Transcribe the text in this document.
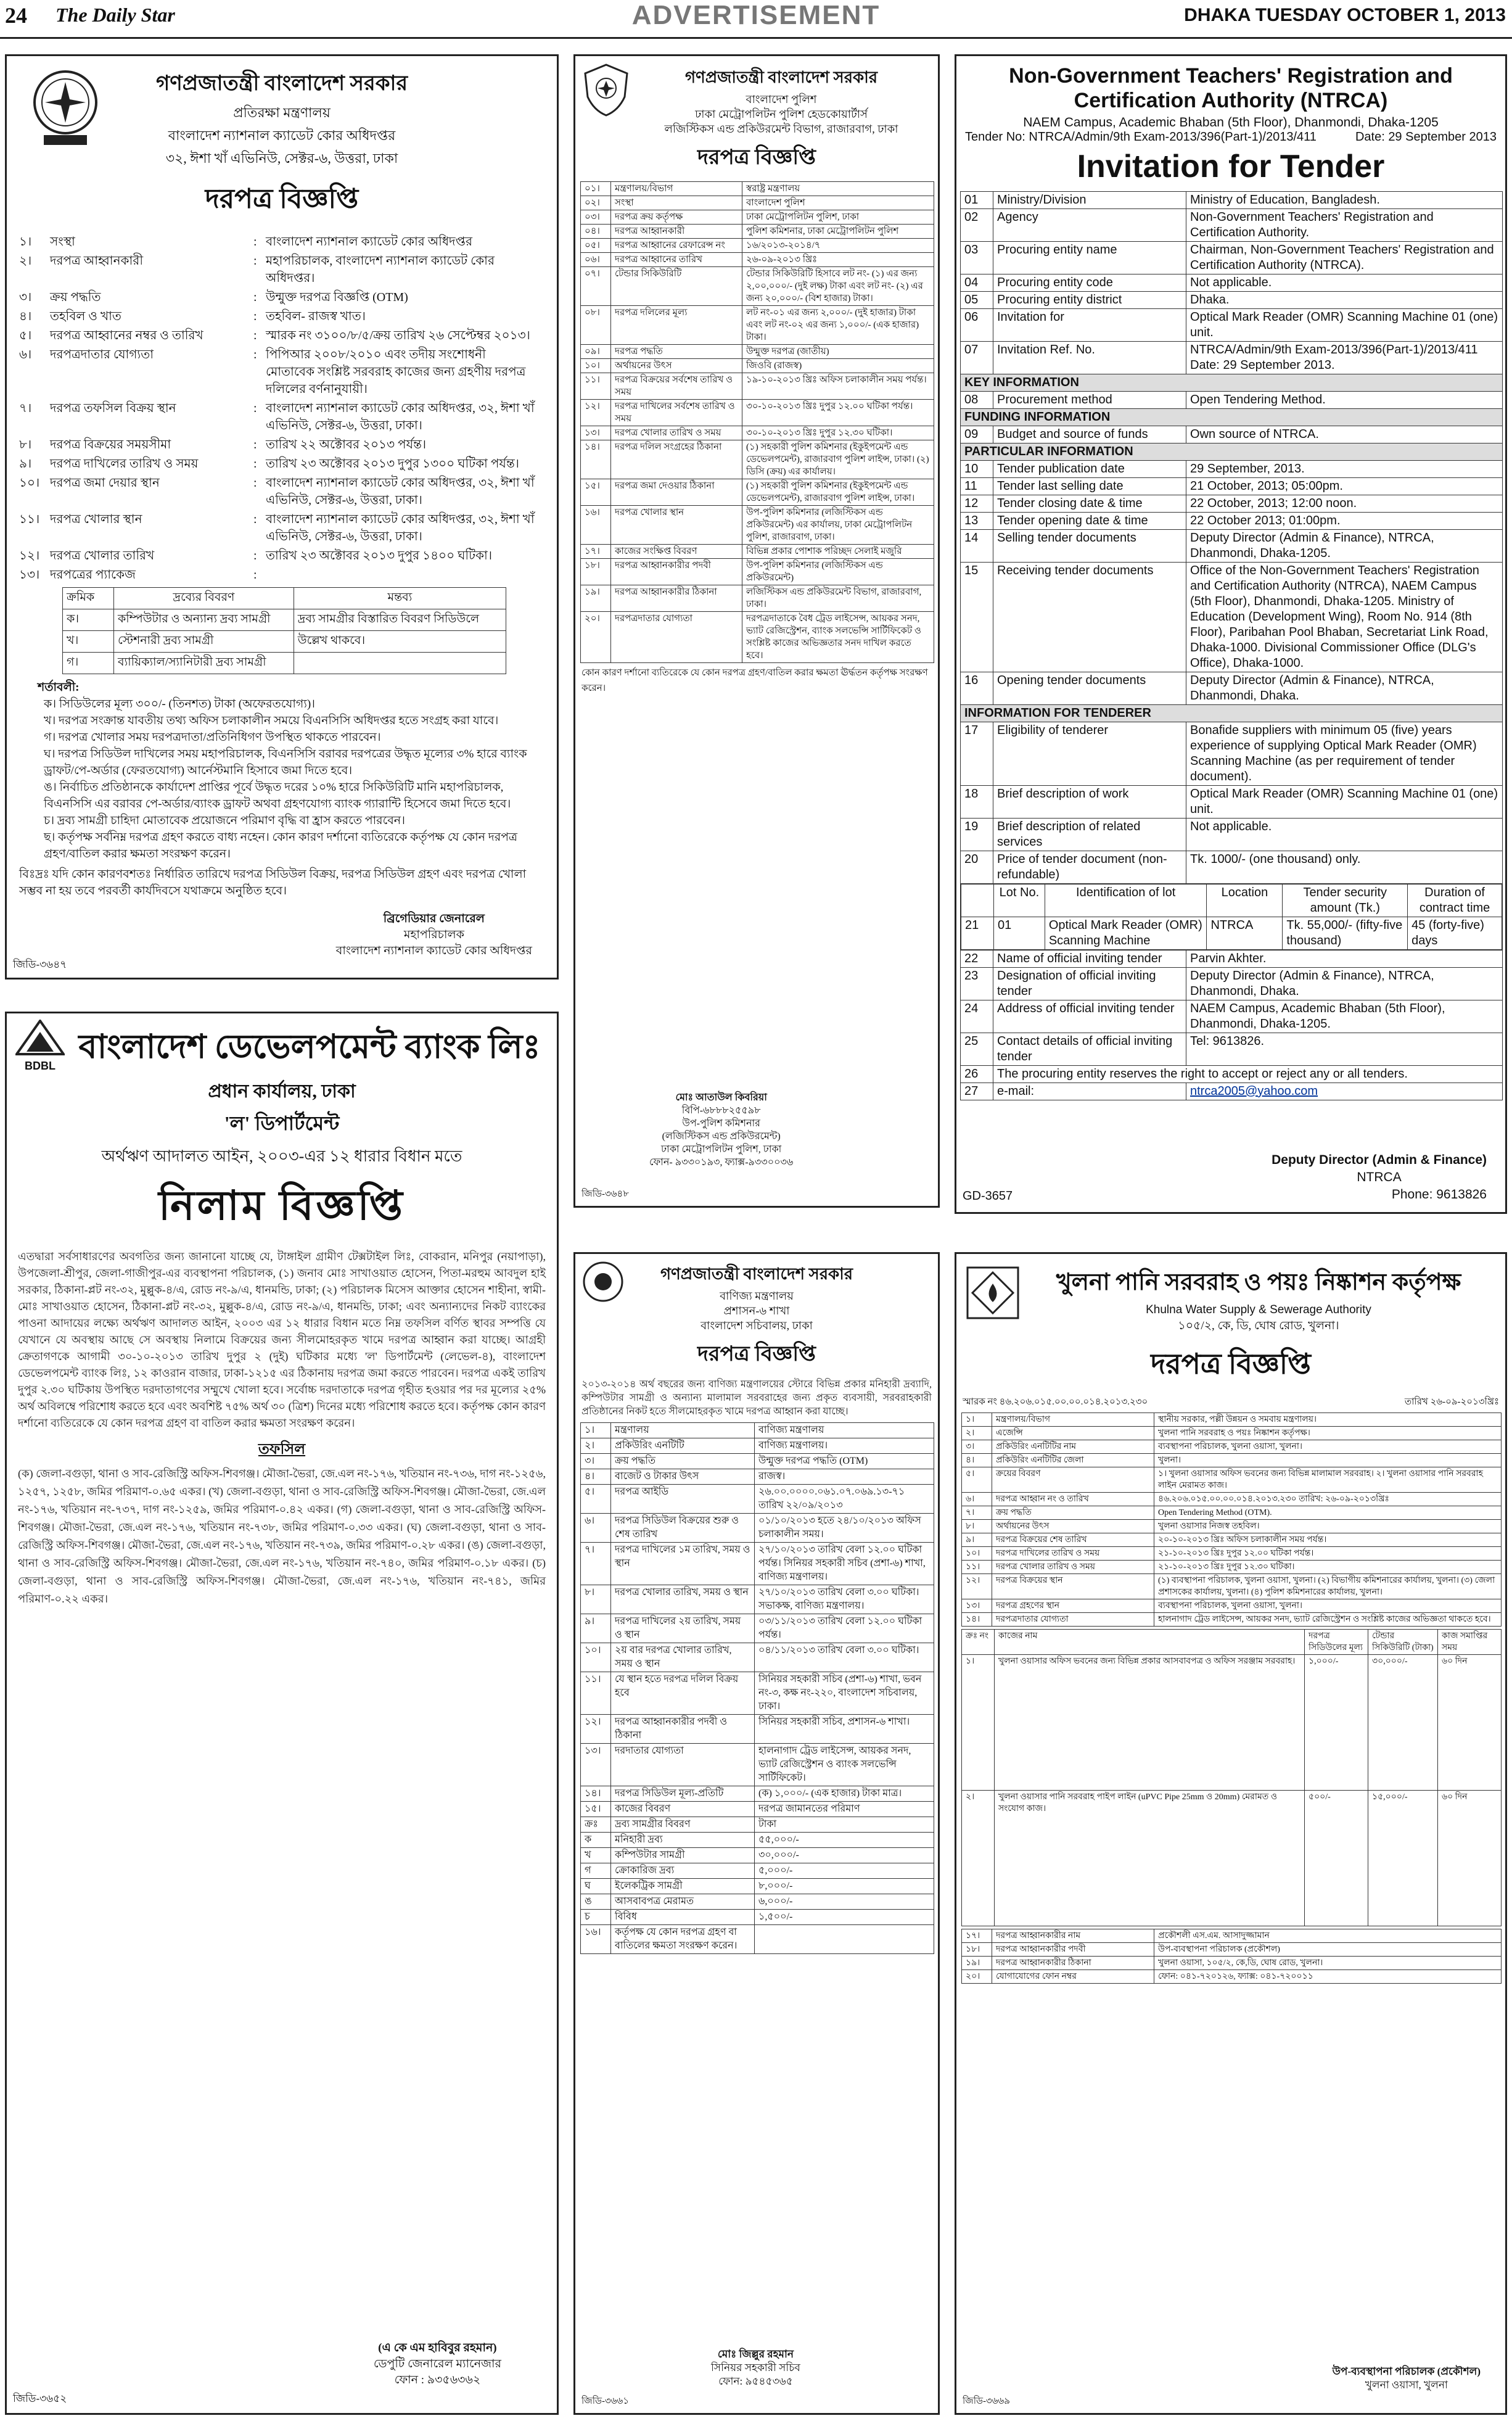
24 The Daily Star	ADVERTISEMENT	DHAKA TUESDAY OCTOBER 1, 2013
গণপ্রজাতন্ত্রী বাংলাদেশ সরকার
প্রতিরক্ষা মন্ত্রণালয়
বাংলাদেশ ন্যাশনাল ক্যাডেট কোর অধিদপ্তর
৩২, ঈশা খাঁ এভিনিউ, সেক্টর-৬, উত্তরা, ঢাকা
দরপত্র বিজ্ঞপ্তি
১।	সংস্থা	: বাংলাদেশ ন্যাশনাল ক্যাডেট কোর অধিদপ্তর
২।	দরপত্র আহ্বানকারী	: মহাপরিচালক, বাংলাদেশ ন্যাশনাল ক্যাডেট কোর অধিদপ্তর।
৩।	ক্রয় পদ্ধতি	: উন্মুক্ত দরপত্র বিজ্ঞপ্তি (OTM)
৪।	তহবিল ও খাত	: তহবিল- রাজস্ব খাত।
৫।	দরপত্র আহ্বানের নম্বর ও তারিখ	: স্মারক নং ৩১০০/৮/৫/ক্রয় তারিখ ২৬ সেপ্টেম্বর ২০১৩।
৬।	দরপত্রদাতার যোগ্যতা	: পিপিআর ২০০৮/২০১০ এবং তদীয় সংশোধনী মোতাবেক সংশ্লিষ্ট সরবরাহ কাজের জন্য গ্রহণীয় দরপত্র দলিলের বর্ণনানুযায়ী।
৭।	দরপত্র তফসিল বিক্রয় স্থান	: বাংলাদেশ ন্যাশনাল ক্যাডেট কোর অধিদপ্তর, ৩২, ঈশা খাঁ এভিনিউ, সেক্টর-৬, উত্তরা, ঢাকা।
৮।	দরপত্র বিক্রয়ের সময়সীমা	: তারিখ ২২ অক্টোবর ২০১৩ পর্যন্ত।
৯।	দরপত্র দাখিলের তারিখ ও সময়	: তারিখ ২৩ অক্টোবর ২০১৩ দুপুর ১৩০০ ঘটিকা পর্যন্ত।
১০। দরপত্র জমা দেয়ার স্থান	: বাংলাদেশ ন্যাশনাল ক্যাডেট কোর অধিদপ্তর, ৩২, ঈশা খাঁ এভিনিউ, সেক্টর-৬, উত্তরা, ঢাকা।
১১। দরপত্র খোলার স্থান	: বাংলাদেশ ন্যাশনাল ক্যাডেট কোর অধিদপ্তর, ৩২, ঈশা খাঁ এভিনিউ, সেক্টর-৬, উত্তরা, ঢাকা।
১২। দরপত্র খোলার তারিখ	: তারিখ ২৩ অক্টোবর ২০১৩ দুপুর ১৪০০ ঘটিকা।
১৩। দরপত্রের প্যাকেজ	:
ক্রমিক	দ্রব্যের বিবরণ	মন্তব্য
ক।	কম্পিউটার ও অন্যান্য দ্রব্য সামগ্রী	দ্রব্য সামগ্রীর বিস্তারিত বিবরণ সিডিউলে
খ।	স্টেশনারী দ্রব্য সামগ্রী	উল্লেখ থাকবে।
গ।	ব্যায়িক্যাল/স্যানিটারী দ্রব্য সামগ্রী	
শর্তাবলী:
ক। সিডিউলের মূল্য ৩০০/- (তিনশত) টাকা (অফেরতযোগ্য)।
খ। দরপত্র সংক্রান্ত যাবতীয় তথ্য অফিস চলাকালীন সময়ে বিএনসিসি অধিদপ্তর হতে সংগ্রহ করা যাবে।
গ। দরপত্র খোলার সময় দরপত্রদাতা/প্রতিনিধিগণ উপস্থিত থাকতে পারবেন।
ঘ। দরপত্র সিডিউল দাখিলের সময় মহাপরিচালক, বিএনসিসি বরাবর দরপত্রের উদ্ধৃত মূল্যের ৩% হারে ব্যাংক ড্রাফট/পে-অর্ডার (ফেরতযোগ্য) আর্নেস্টমানি হিসাবে জমা দিতে হবে।
ঙ। নির্বাচিত প্রতিষ্ঠানকে কার্যাদেশ প্রাপ্তির পূর্বে উদ্ধৃত দরের ১০% হারে সিকিউরিটি মানি মহাপরিচালক, বিএনসিসি এর বরাবর পে-অর্ডার/ব্যাংক ড্রাফট অথবা গ্রহণযোগ্য ব্যাংক গ্যারান্টি হিসেবে জমা দিতে হবে।
চ। দ্রব্য সামগ্রী চাহিদা মোতাবেক প্রয়োজনে পরিমাণ বৃদ্ধি বা হ্রাস করতে পারবেন।
ছ। কর্তৃপক্ষ সর্বনিম্ন দরপত্র গ্রহণ করতে বাধ্য নহেন। কোন কারণ দর্শানো ব্যতিরেকে কর্তৃপক্ষ যে কোন দরপত্র গ্রহণ/বাতিল করার ক্ষমতা সংরক্ষণ করেন।
বিঃদ্রঃ যদি কোন কারণবশতঃ নির্ধারিত তারিখে দরপত্র সিডিউল বিক্রয়, দরপত্র সিডিউল গ্রহণ এবং দরপত্র খোলা সম্ভব না হয় তবে পরবর্তী কার্যদিবসে যথাক্রমে অনুষ্ঠিত হবে।
ব্রিগেডিয়ার জেনারেল
মহাপরিচালক
বাংলাদেশ ন্যাশনাল ক্যাডেট কোর অধিদপ্তর
জিডি-৩৬৪৭
গণপ্রজাতন্ত্রী বাংলাদেশ সরকার
বাংলাদেশ পুলিশ
ঢাকা মেট্রোপলিটন পুলিশ হেডকোয়ার্টার্স
লজিস্টিকস এন্ড প্রকিউরমেন্ট বিভাগ, রাজারবাগ, ঢাকা
দরপত্র বিজ্ঞপ্তি
০১।	মন্ত্রণালয়/বিভাগ	স্বরাষ্ট্র মন্ত্রণালয়
০২।	সংস্থা	বাংলাদেশ পুলিশ
০৩।	দরপত্র ক্রয় কর্তৃপক্ষ	ঢাকা মেট্রোপলিটন পুলিশ, ঢাকা
০৪।	দরপত্র আহ্বানকারী	পুলিশ কমিশনার, ঢাকা মেট্রোপলিটন পুলিশ
০৫।	দরপত্র আহ্বানের রেফারেন্স নং	১৬/২০১৩-২০১৪/৭
০৬।	দরপত্র আহ্বানের তারিখ	২৬-০৯-২০১৩ খ্রিঃ
০৭।	টেন্ডার সিকিউরিটি	টেন্ডার সিকিউরিটি হিসাবে লট নং- (১) এর জন্য ২,০০,০০০/- (দুই লক্ষ) টাকা এবং লট নং- (২) এর জন্য ২০,০০০/- (বিশ হাজার) টাকা।
০৮।	দরপত্র দলিলের মূল্য	লট নং-০১ এর জন্য ২,০০০/- (দুই হাজার) টাকা এবং লট নং-০২ এর জন্য ১,০০০/- (এক হাজার) টাকা।
০৯।	দরপত্র পদ্ধতি	উন্মুক্ত দরপত্র (জাতীয়)
১০।	অর্থায়নের উৎস	জিওবি (রাজস্ব)
১১।	দরপত্র বিক্রয়ের সর্বশেষ তারিখ ও সময়	১৯-১০-২০১৩ খ্রিঃ অফিস চলাকালীন সময় পর্যন্ত।
১২।	দরপত্র দাখিলের সর্বশেষ তারিখ ও সময়	৩০-১০-২০১৩ খ্রিঃ দুপুর ১২.০০ ঘটিকা পর্যন্ত।
১৩।	দরপত্র খোলার তারিখ ও সময়	৩০-১০-২০১৩ খ্রিঃ দুপুর ১২.৩০ ঘটিকা।
১৪।	দরপত্র দলিল সংগ্রহের ঠিকানা	(১) সহকারী পুলিশ কমিশনার (ইকুইপমেন্ট এন্ড ডেভেলপমেন্ট), রাজারবাগ পুলিশ লাইন্স, ঢাকা। (২) ডিসি (ক্রয়) এর কার্যালয়।
১৫।	দরপত্র জমা দেওয়ার ঠিকানা	(১) সহকারী পুলিশ কমিশনার (ইকুইপমেন্ট এন্ড ডেভেলপমেন্ট), রাজারবাগ পুলিশ লাইন্স, ঢাকা।
১৬।	দরপত্র খোলার স্থান	উপ-পুলিশ কমিশনার (লজিস্টিকস এন্ড প্রকিউরমেন্ট) এর কার্যালয়, ঢাকা মেট্রোপলিটন পুলিশ, রাজারবাগ, ঢাকা।
১৭।	কাজের সংক্ষিপ্ত বিবরণ	বিভিন্ন প্রকার পোশাক পরিচ্ছদ সেলাই মজুরি
১৮।	দরপত্র আহ্বানকারীর পদবী	উপ-পুলিশ কমিশনার (লজিস্টিকস এন্ড প্রকিউরমেন্ট)
১৯।	দরপত্র আহ্বানকারীর ঠিকানা	লজিস্টিকস এন্ড প্রকিউরমেন্ট বিভাগ, রাজারবাগ, ঢাকা।
২০।	দরপত্রদাতার যোগ্যতা	দরপত্রদাতাকে বৈধ ট্রেড লাইসেন্স, আয়কর সনদ, ভ্যাট রেজিস্ট্রেশন, ব্যাংক সলভেন্সি সার্টিফিকেট ও সংশ্লিষ্ট কাজের অভিজ্ঞতার সনদ দাখিল করতে হবে।
কোন কারণ দর্শানো ব্যতিরেকে যে কোন দরপত্র গ্রহণ/বাতিল করার ক্ষমতা ঊর্দ্ধতন কর্তৃপক্ষ সংরক্ষণ করেন।
মোঃ আতাউল কিবরিয়া
বিপি-৬৮৮৮২৫৫৯৮
উপ-পুলিশ কমিশনার
(লজিস্টিকস এন্ড প্রকিউরমেন্ট)
ঢাকা মেট্রোপলিটন পুলিশ, ঢাকা
ফোন- ৯৩৩০১৯৩, ফ্যাক্স-৯৩৩০০৩৬
জিডি-৩৬৪৮
Non-Government Teachers' Registration and Certification Authority (NTRCA)
NAEM Campus, Academic Bhaban (5th Floor), Dhanmondi, Dhaka-1205
Tender No: NTRCA/Admin/9th Exam-2013/396(Part-1)/2013/411	Date: 29 September 2013
Invitation for Tender
01	Ministry/Division	Ministry of Education, Bangladesh.
02	Agency	Non-Government Teachers' Registration and Certification Authority.
03	Procuring entity name	Chairman, Non-Government Teachers' Registration and Certification Authority (NTRCA).
04	Procuring entity code	Not applicable.
05	Procuring entity district	Dhaka.
06	Invitation for	Optical Mark Reader (OMR) Scanning Machine 01 (one) unit.
07	Invitation Ref. No.	NTRCA/Admin/9th Exam-2013/396(Part-1)/2013/411 Date: 29 September 2013.
KEY INFORMATION
08	Procurement method	Open Tendering Method.
FUNDING INFORMATION
09	Budget and source of funds	Own source of NTRCA.
PARTICULAR INFORMATION
10	Tender publication date	29 September, 2013.
11	Tender last selling date	21 October, 2013; 05:00pm.
12	Tender closing date & time	22 October, 2013; 12:00 noon.
13	Tender opening date & time	22 October 2013; 01:00pm.
14	Selling tender documents	Deputy Director (Admin & Finance), NTRCA, Dhanmondi, Dhaka-1205.
15	Receiving tender documents	Office of the Non-Government Teachers' Registration and Certification Authority (NTRCA), NAEM Campus (5th Floor), Dhanmondi, Dhaka-1205. Ministry of Education (Development Wing), Room No. 914 (8th Floor), Paribahan Pool Bhaban, Secretariat Link Road, Dhaka-1000. Divisional Commissioner Office (DLG's Office), Dhaka-1000.
16	Opening tender documents	Deputy Director (Admin & Finance), NTRCA, Dhanmondi, Dhaka.
INFORMATION FOR TENDERER
17	Eligibility of tenderer	Bonafide suppliers with minimum 05 (five) years experience of supplying Optical Mark Reader (OMR) Scanning Machine (as per requirement of tender document).
18	Brief description of work	Optical Mark Reader (OMR) Scanning Machine 01 (one) unit.
19	Brief description of related services	Not applicable.
20	Price of tender document (non-refundable)	Tk. 1000/- (one thousand) only.

	Lot No.	Identification of lot	Location	Tender security amount (Tk.)	Duration of contract time
21	01	Optical Mark Reader (OMR) Scanning Machine	NTRCA	Tk. 55,000/- (fifty-five thousand)	45 (forty-five) days

22	Name of official inviting tender	Parvin Akhter.
23	Designation of official inviting tender	Deputy Director (Admin & Finance), NTRCA, Dhanmondi, Dhaka.
24	Address of official inviting tender	NAEM Campus, Academic Bhaban (5th Floor), Dhanmondi, Dhaka-1205.
25	Contact details of official inviting tender	Tel: 9613826.
26	The procuring entity reserves the right to accept or reject any or all tenders.
27	e-mail:	ntrca2005@yahoo.com
Deputy Director (Admin & Finance)
NTRCA
Phone: 9613826
GD-3657
BDBL
বাংলাদেশ ডেভেলপমেন্ট ব্যাংক লিঃ
প্রধান কার্যালয়, ঢাকা
'ল' ডিপার্টমেন্ট
অর্থঋণ আদালত আইন, ২০০৩-এর ১২ ধারার বিধান মতে
নিলাম বিজ্ঞপ্তি
এতদ্বারা সর্বসাধারণের অবগতির জন্য জানানো যাচ্ছে যে, টাঙ্গাইল গ্রামীণ টেক্সটাইল লিঃ, বোকরান, মনিপুর (নয়াপাড়া), উপজেলা-শ্রীপুর, জেলা-গাজীপুর-এর ব্যবস্থাপনা পরিচালক, (১) জনাব মোঃ সাখাওয়াত হোসেন, পিতা-মরহুম আবদুল হাই সরকার, ঠিকানা-প্লট নং-৩২, মুল্লুক-৪/এ, রোড নং-৯/এ, ধানমন্ডি, ঢাকা; (২) পরিচালক মিসেস আক্তার হোসেন শাহীনা, স্বামী-মোঃ সাখাওয়াত হোসেন, ঠিকানা-প্লট নং-৩২, মুল্লুক-৪/এ, রোড নং-৯/এ, ধানমন্ডি, ঢাকা; এবং অন্যান্যদের নিকট ব্যাংকের পাওনা আদায়ের লক্ষ্যে অর্থঋণ আদালত আইন, ২০০৩ এর ১২ ধারার বিধান মতে নিম্ন তফসিল বর্ণিত স্থাবর সম্পত্তি যে যেখানে যে অবস্থায় আছে সে অবস্থায় নিলামে বিক্রয়ের জন্য সীলমোহরকৃত খামে দরপত্র আহ্বান করা যাচ্ছে। আগ্রহী ক্রেতাগণকে আগামী ৩০-১০-২০১৩ তারিখ দুপুর ২ (দুই) ঘটিকার মধ্যে 'ল' ডিপার্টমেন্ট (লেভেল-৪), বাংলাদেশ ডেভেলপমেন্ট ব্যাংক লিঃ, ১২ কাওরান বাজার, ঢাকা-১২১৫ এর ঠিকানায় দরপত্র জমা করতে পারবেন। দরপত্র একই তারিখ দুপুর ২.৩০ ঘটিকায় উপস্থিত দরদাতাগণের সম্মুখে খোলা হবে। সর্বোচ্চ দরদাতাকে দরপত্র গৃহীত হওয়ার পর দর মূল্যের ২৫% অর্থ অবিলম্বে পরিশোধ করতে হবে এবং অবশিষ্ট ৭৫% অর্থ ৩০ (ত্রিশ) দিনের মধ্যে পরিশোধ করতে হবে। কর্তৃপক্ষ কোন কারণ দর্শানো ব্যতিরেকে যে কোন দরপত্র গ্রহণ বা বাতিল করার ক্ষমতা সংরক্ষণ করেন।
তফসিল
(ক) জেলা-বগুড়া, থানা ও সাব-রেজিস্ট্রি অফিস-শিবগঞ্জ। মৌজা-ভৈরা, জে.এল নং-১৭৬, খতিয়ান নং-৭৩৬, দাগ নং-১২৫৬, ১২৫৭, ১২৫৮, জমির পরিমাণ-০.৬৫ একর। (খ) জেলা-বগুড়া, থানা ও সাব-রেজিস্ট্রি অফিস-শিবগঞ্জ। মৌজা-ভৈরা, জে.এল নং-১৭৬, খতিয়ান নং-৭৩৭, দাগ নং-১২৫৯, জমির পরিমাণ-০.৪২ একর। (গ) জেলা-বগুড়া, থানা ও সাব-রেজিস্ট্রি অফিস-শিবগঞ্জ। মৌজা-ভৈরা, জে.এল নং-১৭৬, খতিয়ান নং-৭৩৮, জমির পরিমাণ-০.৩৩ একর। (ঘ) জেলা-বগুড়া, থানা ও সাব-রেজিস্ট্রি অফিস-শিবগঞ্জ। মৌজা-ভৈরা, জে.এল নং-১৭৬, খতিয়ান নং-৭৩৯, জমির পরিমাণ-০.২৮ একর। (ঙ) জেলা-বগুড়া, থানা ও সাব-রেজিস্ট্রি অফিস-শিবগঞ্জ। মৌজা-ভৈরা, জে.এল নং-১৭৬, খতিয়ান নং-৭৪০, জমির পরিমাণ-০.১৮ একর। (চ) জেলা-বগুড়া, থানা ও সাব-রেজিস্ট্রি অফিস-শিবগঞ্জ। মৌজা-ভৈরা, জে.এল নং-১৭৬, খতিয়ান নং-৭৪১, জমির পরিমাণ-০.২২ একর।
(এ কে এম হাবিবুর রহমান)
ডেপুটি জেনারেল ম্যানেজার
ফোন : ৯৩৫৬৩৬২
জিডি-৩৬৫২
গণপ্রজাতন্ত্রী বাংলাদেশ সরকার
বাণিজ্য মন্ত্রণালয়
প্রশাসন-৬ শাখা
বাংলাদেশ সচিবালয়, ঢাকা
দরপত্র বিজ্ঞপ্তি
২০১৩-২০১৪ অর্থ বছরের জন্য বাণিজ্য মন্ত্রণালয়ের স্টোরে বিভিন্ন প্রকার মনিহারী দ্রব্যাদি, কম্পিউটার সামগ্রী ও অন্যান্য মালামাল সরবরাহের জন্য প্রকৃত ব্যবসায়ী, সরবরাহকারী প্রতিষ্ঠানের নিকট হতে সীলমোহরকৃত খামে দরপত্র আহ্বান করা যাচ্ছে।
১।	মন্ত্রণালয়	বাণিজ্য মন্ত্রণালয়
২।	প্রকিউরিং এনটিটি	বাণিজ্য মন্ত্রণালয়।
৩।	ক্রয় পদ্ধতি	উন্মুক্ত দরপত্র পদ্ধতি (OTM)
৪।	বাজেট ও টাকার উৎস	রাজস্ব।
৫।	দরপত্র আইডি	২৬.০০.০০০০.০৬১.০৭.০৬৯.১৩-৭১ তারিখ ২২/০৯/২০১৩
৬।	দরপত্র সিডিউল বিক্রয়ের শুরু ও শেষ তারিখ	০১/১০/২০১৩ হতে ২৪/১০/২০১৩ অফিস চলাকালীন সময়।
৭।	দরপত্র দাখিলের ১ম তারিখ, সময় ও স্থান	২৭/১০/২০১৩ তারিখ বেলা ১২.০০ ঘটিকা পর্যন্ত। সিনিয়র সহকারী সচিব (প্রশা-৬) শাখা, বাণিজ্য মন্ত্রণালয়।
৮।	দরপত্র খোলার তারিখ, সময় ও স্থান	২৭/১০/২০১৩ তারিখ বেলা ৩.০০ ঘটিকা। সভাকক্ষ, বাণিজ্য মন্ত্রণালয়।
৯।	দরপত্র দাখিলের ২য় তারিখ, সময় ও স্থান	০৩/১১/২০১৩ তারিখ বেলা ১২.০০ ঘটিকা পর্যন্ত।
১০।	২য় বার দরপত্র খোলার তারিখ, সময় ও স্থান	০৪/১১/২০১৩ তারিখ বেলা ৩.০০ ঘটিকা।
১১।	যে স্থান হতে দরপত্র দলিল বিক্রয় হবে	সিনিয়র সহকারী সচিব (প্রশা-৬) শাখা, ভবন নং-৩, কক্ষ নং-২২০, বাংলাদেশ সচিবালয়, ঢাকা।
১২।	দরপত্র আহ্বানকারীর পদবী ও ঠিকানা	সিনিয়র সহকারী সচিব, প্রশাসন-৬ শাখা।
১৩।	দরদাতার যোগ্যতা	হালনাগাদ ট্রেড লাইসেন্স, আয়কর সনদ, ভ্যাট রেজিস্ট্রেশন ও ব্যাংক সলভেন্সি সার্টিফিকেট।
১৪।	দরপত্র সিডিউল মূল্য-প্রতিটি	(ক) ১,০০০/- (এক হাজার) টাকা মাত্র।
১৫।	কাজের বিবরণ	দরপত্র জামানতের পরিমাণ
ক্রঃ	দ্রব্য সামগ্রীর বিবরণ	টাকা
ক	মনিহারী দ্রব্য	৫৫,০০০/-
খ	কম্পিউটার সামগ্রী	৩০,০০০/-
গ	ক্রোকারিজ দ্রব্য	৫,০০০/-
ঘ	ইলেকট্রিক সামগ্রী	৮,০০০/-
ঙ	আসবাবপত্র মেরামত	৬,০০০/-
চ	বিবিধ	১,৫০০/-
১৬।	কর্তৃপক্ষ যে কোন দরপত্র গ্রহণ বা বাতিলের ক্ষমতা সংরক্ষণ করেন।	
মোঃ জিল্লুর রহমান
সিনিয়র সহকারী সচিব
ফোন: ৯৫৪৫৩৬৫
জিডি-৩৬৬১
খুলনা পানি সরবরাহ ও পয়ঃ নিষ্কাশন কর্তৃপক্ষ
Khulna Water Supply & Sewerage Authority
১০৫/২, কে, ডি, ঘোষ রোড, খুলনা।
দরপত্র বিজ্ঞপ্তি
স্মারক নং ৪৬.২০৬.০১৫.০০.০০.০১৪.২০১৩.২৩০	তারিখ ২৬-০৯-২০১৩খ্রিঃ
১।	মন্ত্রণালয়/বিভাগ	স্থানীয় সরকার, পল্লী উন্নয়ন ও সমবায় মন্ত্রণালয়।
২।	এজেন্সি	খুলনা পানি সরবরাহ ও পয়ঃ নিষ্কাশন কর্তৃপক্ষ।
৩।	প্রকিউরিং এনটিটির নাম	ব্যবস্থাপনা পরিচালক, খুলনা ওয়াসা, খুলনা।
৪।	প্রকিউরিং এনটিটির জেলা	খুলনা।
৫।	ক্রয়ের বিবরণ	১। খুলনা ওয়াসার অফিস ভবনের জন্য বিভিন্ন মালামাল সরবরাহ। ২। খুলনা ওয়াসার পানি সরবরাহ লাইন মেরামত কাজ।
৬।	দরপত্র আহ্বান নং ও তারিখ	৪৬.২০৬.০১৫.০০.০০.০১৪.২০১৩.২৩০ তারিখ: ২৬-০৯-২০১৩খ্রিঃ
৭।	ক্রয় পদ্ধতি	Open Tendering Method (OTM).
৮।	অর্থায়নের উৎস	খুলনা ওয়াসার নিজস্ব তহবিল।
৯।	দরপত্র বিক্রয়ের শেষ তারিখ	২০-১০-২০১৩ খ্রিঃ অফিস চলাকালীন সময় পর্যন্ত।
১০।	দরপত্র দাখিলের তারিখ ও সময়	২১-১০-২০১৩ খ্রিঃ দুপুর ১২.০০ ঘটিকা পর্যন্ত।
১১।	দরপত্র খোলার তারিখ ও সময়	২১-১০-২০১৩ খ্রিঃ দুপুর ১২.৩০ ঘটিকা।
১২।	দরপত্র বিক্রয়ের স্থান	(১) ব্যবস্থাপনা পরিচালক, খুলনা ওয়াসা, খুলনা। (২) বিভাগীয় কমিশনারের কার্যালয়, খুলনা। (৩) জেলা প্রশাসকের কার্যালয়, খুলনা। (৪) পুলিশ কমিশনারের কার্যালয়, খুলনা।
১৩।	দরপত্র গ্রহণের স্থান	ব্যবস্থাপনা পরিচালক, খুলনা ওয়াসা, খুলনা।
১৪।	দরপত্রদাতার যোগ্যতা	হালনাগাদ ট্রেড লাইসেন্স, আয়কর সনদ, ভ্যাট রেজিস্ট্রেশন ও সংশ্লিষ্ট কাজের অভিজ্ঞতা থাকতে হবে।
ক্রঃ নং	কাজের নাম	দরপত্র সিডিউলের মূল্য	টেন্ডার সিকিউরিটি (টাকা)	কাজ সমাপ্তির সময়
১।	খুলনা ওয়াসার অফিস ভবনের জন্য বিভিন্ন প্রকার আসবাবপত্র ও অফিস সরঞ্জাম সরবরাহ।	১,০০০/-	৩০,০০০/-	৬০ দিন
২।	খুলনা ওয়াসার পানি সরবরাহ পাইপ লাইন (uPVC Pipe 25mm ও 20mm) মেরামত ও সংযোগ কাজ।	৫০০/-	১৫,০০০/-	৬০ দিন
১৭।	দরপত্র আহ্বানকারীর নাম	প্রকৌশলী এস.এম. আসাদুজ্জামান
১৮।	দরপত্র আহ্বানকারীর পদবী	উপ-ব্যবস্থাপনা পরিচালক (প্রকৌশল)
১৯।	দরপত্র আহ্বানকারীর ঠিকানা	খুলনা ওয়াসা, ১০৫/২, কে,ডি, ঘোষ রোড, খুলনা।
২০।	যোগাযোগের ফোন নম্বর	ফোন: ০৪১-৭২০১২৬, ফ্যাক্স: ০৪১-৭২০০১১
উপ-ব্যবস্থাপনা পরিচালক (প্রকৌশল)
খুলনা ওয়াসা, খুলনা
জিডি-৩৬৬৯
